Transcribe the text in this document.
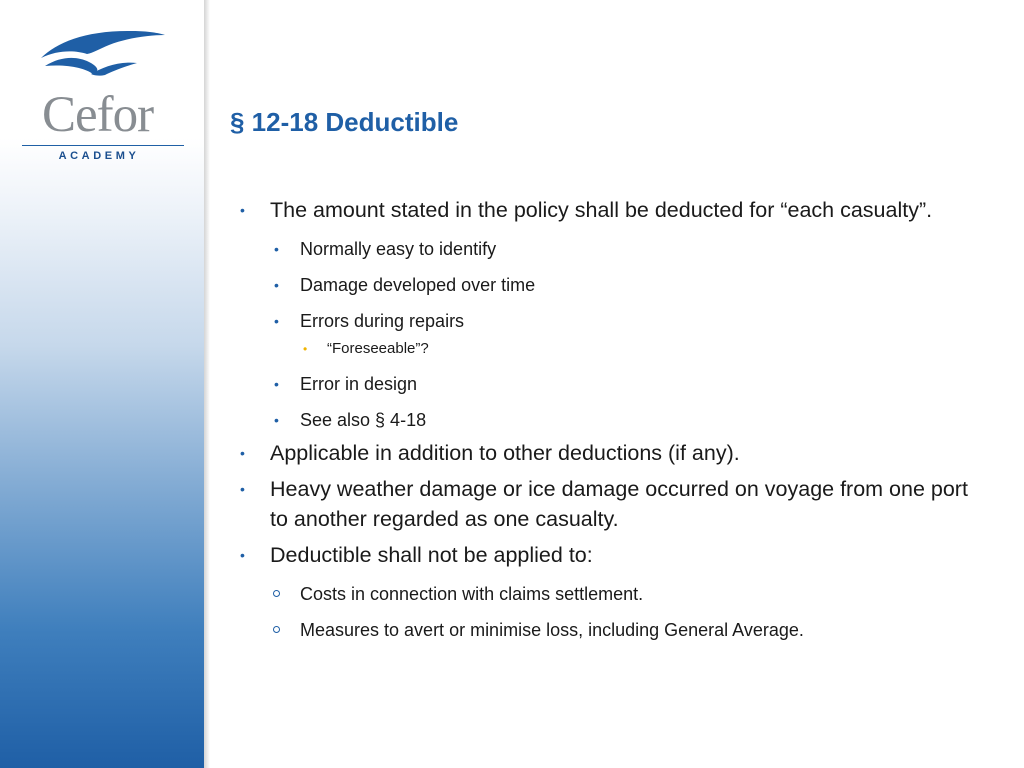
Cefor
ACADEMY
§ 12-18 Deductible
• The amount stated in the policy shall be deducted for “each casualty”.
• Normally easy to identify
• Damage developed over time
• Errors during repairs
• “Foreseeable”?
• Error in design
• See also § 4-18
• Applicable in addition to other deductions (if any).
• Heavy weather damage or ice damage occurred on voyage from one port to another regarded as one casualty.
• Deductible shall not be applied to:
Costs in connection with claims settlement.
Measures to avert or minimise loss, including General Average.
